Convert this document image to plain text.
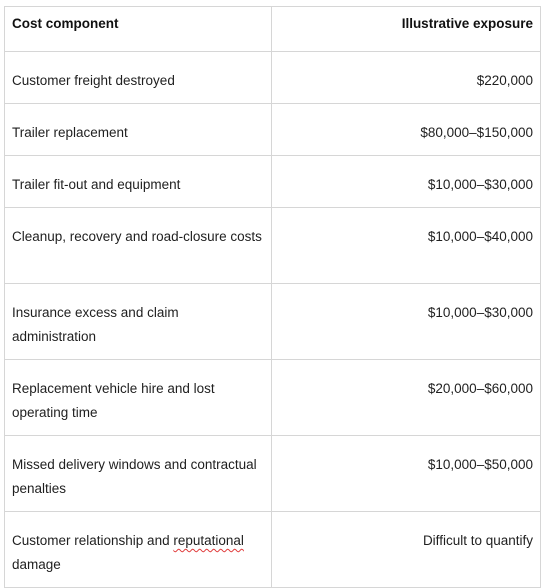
Cost component	Illustrative exposure
Customer freight destroyed	$220,000
Trailer replacement	$80,000–$150,000
Trailer fit-out and equipment	$10,000–$30,000
Cleanup, recovery and road-closure costs	$10,000–$40,000
Insurance excess and claim administration	$10,000–$30,000
Replacement vehicle hire and lost operating time	$20,000–$60,000
Missed delivery windows and contractual penalties	$10,000–$50,000
Customer relationship and reputational damage	Difficult to quantify
